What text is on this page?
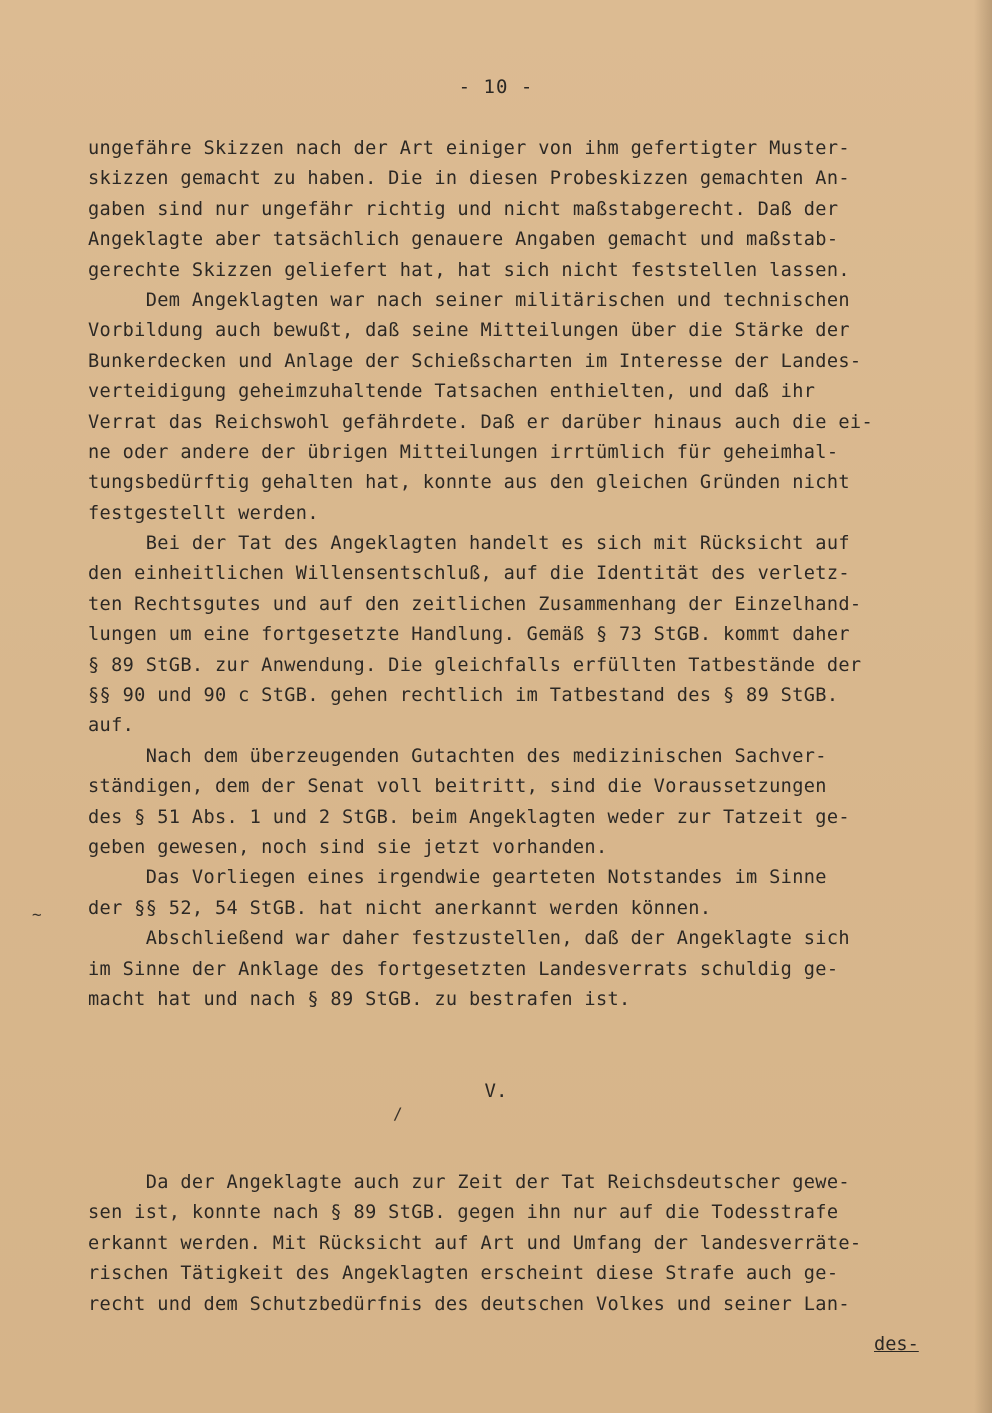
- 10 -
ungefähre Skizzen nach der Art einiger von ihm gefertigter Muster-
skizzen gemacht zu haben. Die in diesen Probeskizzen gemachten An-
gaben sind nur ungefähr richtig und nicht maßstabgerecht. Daß der
Angeklagte aber tatsächlich genauere Angaben gemacht und maßstab-
gerechte Skizzen geliefert hat, hat sich nicht feststellen lassen.
Dem Angeklagten war nach seiner militärischen und technischen
Vorbildung auch bewußt, daß seine Mitteilungen über die Stärke der
Bunkerdecken und Anlage der Schießscharten im Interesse der Landes-
verteidigung geheimzuhaltende Tatsachen enthielten, und daß ihr
Verrat das Reichswohl gefährdete. Daß er darüber hinaus auch die ei-
ne oder andere der übrigen Mitteilungen irrtümlich für geheimhal-
tungsbedürftig gehalten hat, konnte aus den gleichen Gründen nicht
festgestellt werden.
Bei der Tat des Angeklagten handelt es sich mit Rücksicht auf
den einheitlichen Willensentschluß, auf die Identität des verletz-
ten Rechtsgutes und auf den zeitlichen Zusammenhang der Einzelhand-
lungen um eine fortgesetzte Handlung. Gemäß § 73 StGB. kommt daher
§ 89 StGB. zur Anwendung. Die gleichfalls erfüllten Tatbestände der
§§ 90 und 90 c StGB. gehen rechtlich im Tatbestand des § 89 StGB.
auf.
Nach dem überzeugenden Gutachten des medizinischen Sachver-
ständigen, dem der Senat voll beitritt, sind die Voraussetzungen
des § 51 Abs. 1 und 2 StGB. beim Angeklagten weder zur Tatzeit ge-
geben gewesen, noch sind sie jetzt vorhanden.
Das Vorliegen eines irgendwie gearteten Notstandes im Sinne
der §§ 52, 54 StGB. hat nicht anerkannt werden können.
Abschließend war daher festzustellen, daß der Angeklagte sich
im Sinne der Anklage des fortgesetzten Landesverrats schuldig ge-
macht hat und nach § 89 StGB. zu bestrafen ist.
V.
Da der Angeklagte auch zur Zeit der Tat Reichsdeutscher gewe-
sen ist, konnte nach § 89 StGB. gegen ihn nur auf die Todesstrafe
erkannt werden. Mit Rücksicht auf Art und Umfang der landesverräte-
rischen Tätigkeit des Angeklagten erscheint diese Strafe auch ge-
recht und dem Schutzbedürfnis des deutschen Volkes und seiner Lan-
des-
~
/
